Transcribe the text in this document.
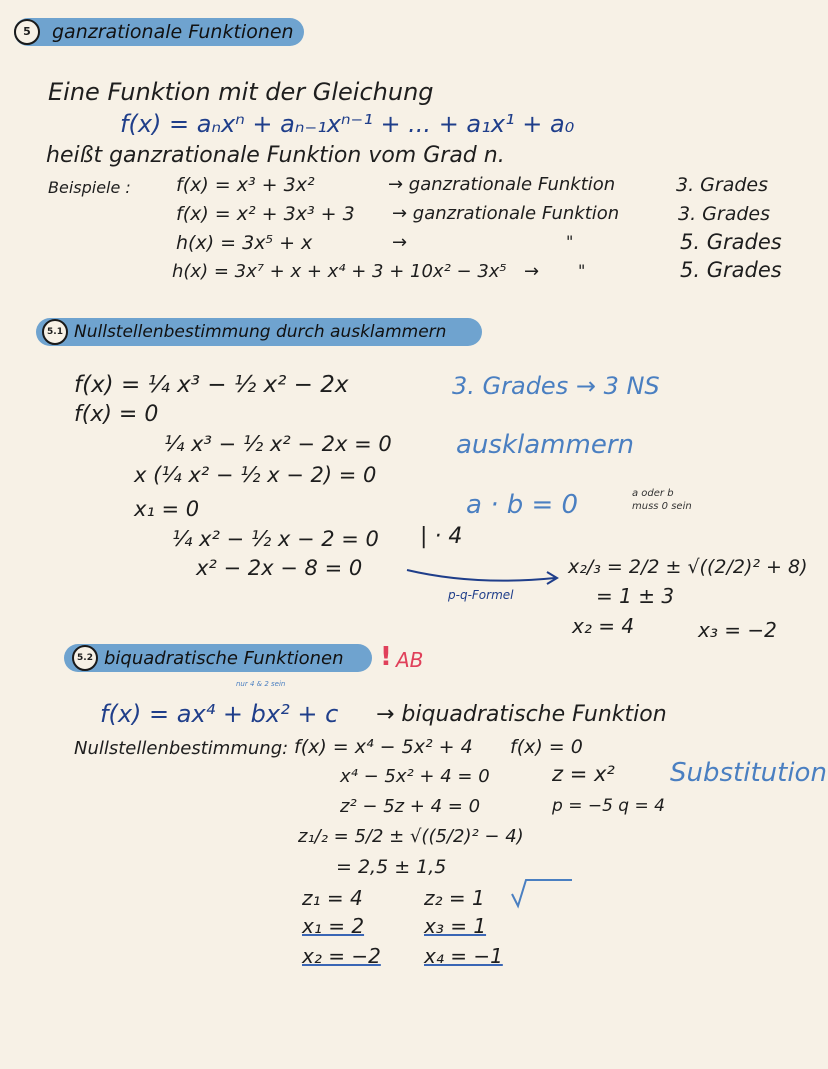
5	ganzrationale Funktionen
Eine Funktion mit der Gleichung
f(x) = aₙxⁿ + aₙ₋₁xⁿ⁻¹ + ... + a₁x¹ + a₀
heißt ganzrationale Funktion vom Grad n.
Beispiele : f(x) = x³ + 3x²	→ ganzrationale Funktion	3. Grades
f(x) = x² + 3x³ + 3 → ganzrationale Funktion	3. Grades
h(x) = 3x⁵ + x	→	"	5. Grades
h(x) = 3x⁷ + x + x⁴ + 3 + 10x² − 3x⁵ → "	5. Grades
5.1 Nullstellenbestimmung durch ausklammern
f(x) = ¼ x³ − ½ x² − 2x
f(x) = 0
¼ x³ − ½ x² − 2x = 0
x (¼ x² − ½ x − 2) = 0
x₁ = 0
¼ x² − ½ x − 2 = 0
x² − 2x − 8 = 0
| · 4
3. Grades → 3 NS
ausklammern
a · b = 0	a oder b
muss 0 sein
p-q-Formel
x₂/₃ = 2/2 ± √((2/2)² + 8)
= 1 ± 3
x₂ = 4	x₃ = −2
5.2 biquadratische Funktionen ! AB
nur 4 & 2 sein
f(x) = ax⁴ + bx² + c → biquadratische Funktion
Nullstellenbestimmung: f(x) = x⁴ − 5x² + 4 f(x) = 0
x⁴ − 5x² + 4 = 0	z = x² Substitution
z² − 5z + 4 = 0	p = −5 q = 4
z₁/₂ = 5/2 ± √((5/2)² − 4)
= 2,5 ± 1,5
z₁ = 4	z₂ = 1
x₁ = 2	x₃ = 1
x₂ = −2 x₄ = −1
